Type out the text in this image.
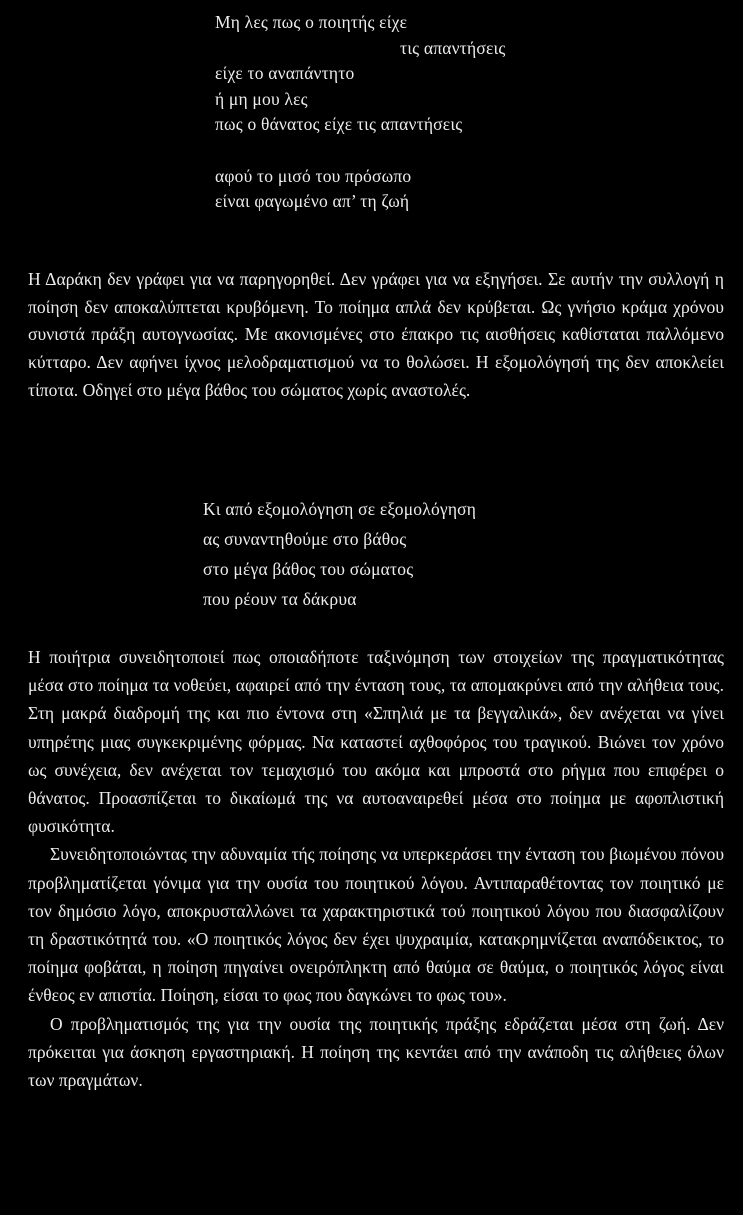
Μη λες πως ο ποιητής είχε
τις απαντήσεις
είχε το αναπάντητο
ή μη μου λες
πως ο θάνατος είχε τις απαντήσεις
αφού το μισό του πρόσωπο
είναι φαγωμένο απ’ τη ζωή

Η Δαράκη δεν γράφει για να παρηγορηθεί. Δεν γράφει για να εξηγήσει. Σε αυτήν την συλλογή η ποίηση δεν αποκαλύπτεται κρυβόμενη. Το ποίημα απλά δεν κρύβεται. Ως γνήσιο κράμα χρόνου συνιστά πράξη αυτογνωσίας. Με ακονισμένες στο έπακρο τις αισθήσεις καθίσταται παλλόμενο κύτταρο. Δεν αφήνει ίχνος μελοδραματισμού να το θολώσει. Η εξομολόγησή της δεν αποκλείει τίποτα. Οδηγεί στο μέγα βάθος του σώματος χωρίς αναστολές.

Κι από εξομολόγηση σε εξομολόγηση
ας συναντηθούμε στο βάθος
στο μέγα βάθος του σώματος
που ρέουν τα δάκρυα

Η ποιήτρια συνειδητοποιεί πως οποιαδήποτε ταξινόμηση των στοιχείων της πραγματικότητας μέσα στο ποίημα τα νοθεύει, αφαιρεί από την ένταση τους, τα απομακρύνει από την αλήθεια τους. Στη μακρά διαδρομή της και πιο έντονα στη «Σπηλιά με τα βεγγαλικά», δεν ανέχεται να γίνει υπηρέτης μιας συγκεκριμένης φόρμας. Να καταστεί αχθοφόρος του τραγικού. Βιώνει τον χρόνο ως συνέχεια, δεν ανέχεται τον τεμαχισμό του ακόμα και μπροστά στο ρήγμα που επιφέρει ο θάνατος. Προασπίζεται το δικαίωμά της να αυτοαναιρεθεί μέσα στο ποίημα με αφοπλιστική φυσικότητα.

Συνειδητοποιώντας την αδυναμία τής ποίησης να υπερκεράσει την ένταση του βιωμένου πόνου προβληματίζεται γόνιμα για την ουσία του ποιητικού λόγου. Αντιπαραθέτοντας τον ποιητικό με τον δημόσιο λόγο, αποκρυσταλλώνει τα χαρακτηριστικά τού ποιητικού λόγου που διασφαλίζουν τη δραστικότητά του. «Ο ποιητικός λόγος δεν έχει ψυχραιμία, κατακρημνίζεται αναπόδεικτος, το ποίημα φοβάται, η ποίηση πηγαίνει ονειρόπληκτη από θαύμα σε θαύμα, ο ποιητικός λόγος είναι ένθεος εν απιστία. Ποίηση, είσαι το φως που δαγκώνει το φως του».

Ο προβληματισμός της για την ουσία της ποιητικής πράξης εδράζεται μέσα στη ζωή. Δεν πρόκειται για άσκηση εργαστηριακή. Η ποίηση της κεντάει από την ανάποδη τις αλήθειες όλων των πραγμάτων.
